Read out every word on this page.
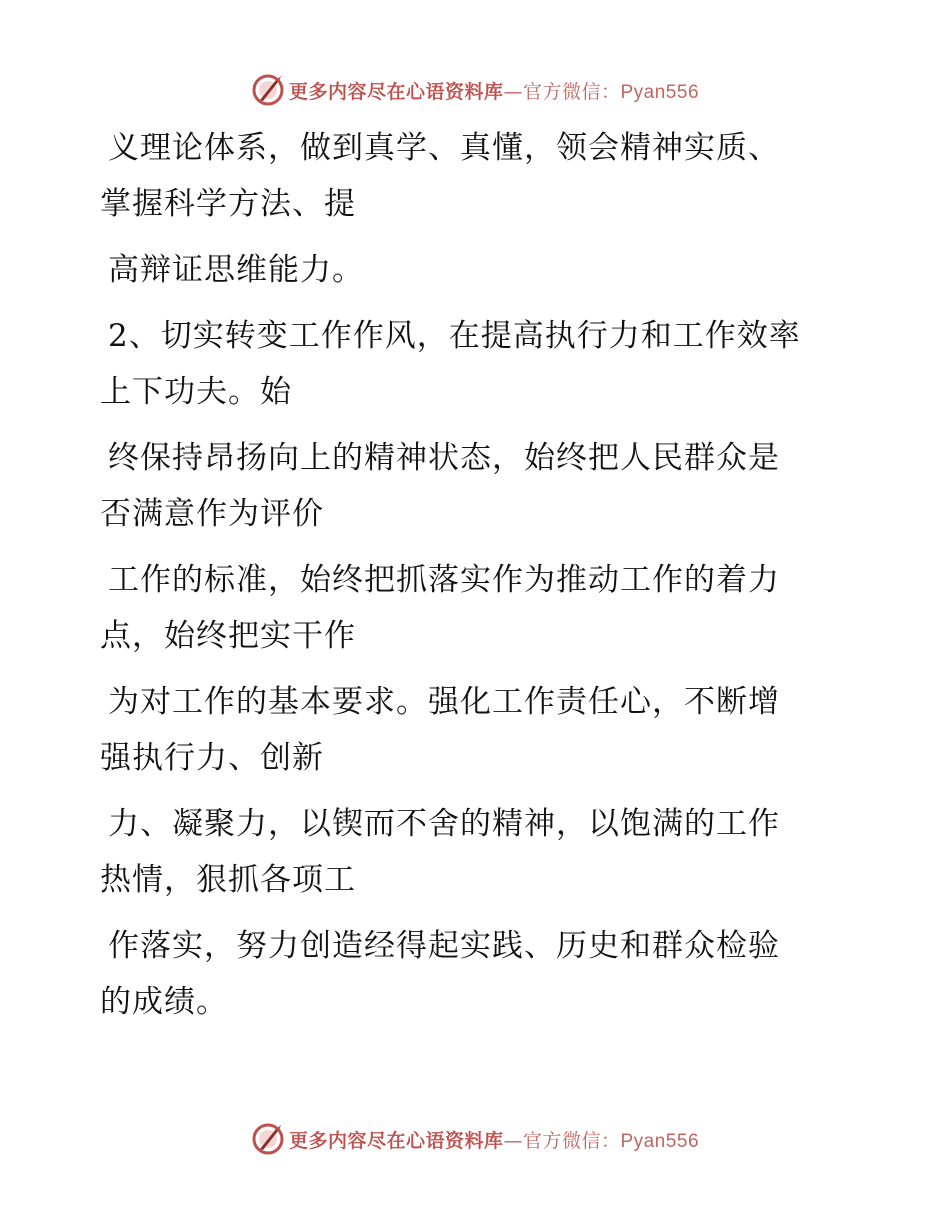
更多内容尽在心语资料库—官方微信：Pyan556
义理论体系，做到真学、真懂，领会精神实质、
掌握科学方法、提
高辩证思维能力。
2、切实转变工作作风，在提高执行力和工作效率
上下功夫。始
终保持昂扬向上的精神状态，始终把人民群众是
否满意作为评价
工作的标准，始终把抓落实作为推动工作的着力
点，始终把实干作
为对工作的基本要求。强化工作责任心，不断增
强执行力、创新
力、凝聚力，以锲而不舍的精神，以饱满的工作
热情，狠抓各项工
作落实，努力创造经得起实践、历史和群众检验
的成绩。
更多内容尽在心语资料库—官方微信：Pyan556
